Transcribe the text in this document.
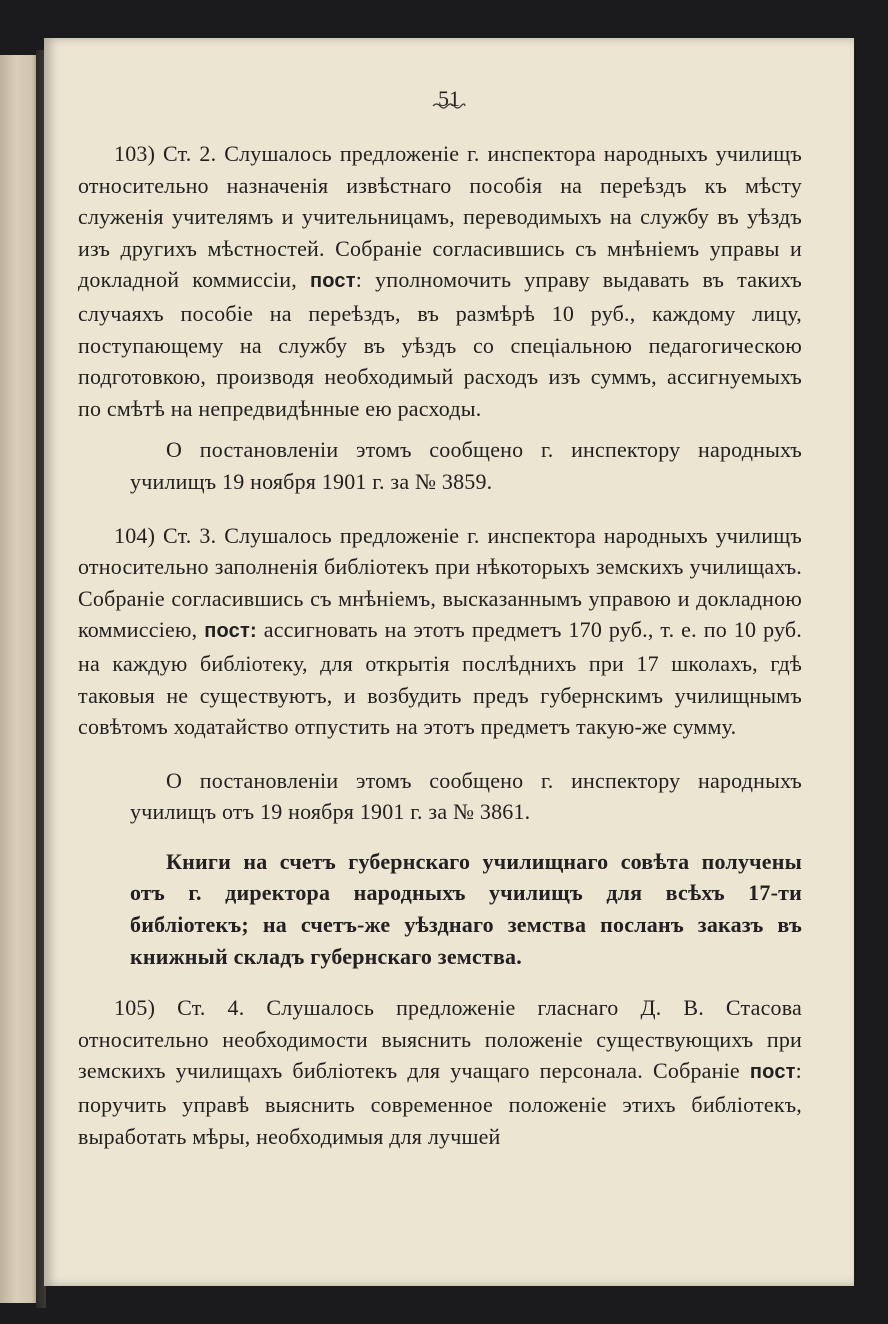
51

103) Ст. 2. Слушалось предложеніе г. инспектора народныхъ училищъ относительно назначенія извѣстнаго пособія на переѣздъ къ мѣсту служенія учителямъ и учительницамъ, переводимыхъ на службу въ уѣздъ изъ другихъ мѣстностей. Собраніе согласившись съ мнѣніемъ управы и докладной коммиссіи, пост: уполномочить управу выдавать въ такихъ случаяхъ пособіе на переѣздъ, въ размѣрѣ 10 руб., каждому лицу, поступающему на службу въ уѣздъ со спеціальною педагогическою подготовкою, производя необходимый расходъ изъ суммъ, ассигнуемыхъ по смѣтѣ на непредвидѣнные ею расходы.

О постановленіи этомъ сообщено г. инспектору народныхъ училищъ 19 ноября 1901 г. за № 3859.

104) Ст. 3. Слушалось предложеніе г. инспектора народныхъ училищъ относительно заполненія библіотекъ при нѣкоторыхъ земскихъ училищахъ. Собраніе согласившись съ мнѣніемъ, высказаннымъ управою и докладною коммиссіею, пост: ассигновать на этотъ предметъ 170 руб., т. е. по 10 руб. на каждую библіотеку, для открытія послѣднихъ при 17 школахъ, гдѣ таковыя не существуютъ, и возбудить предъ губернскимъ училищнымъ совѣтомъ ходатайство отпустить на этотъ предметъ такую-же сумму.

О постановленіи этомъ сообщено г. инспектору народныхъ училищъ отъ 19 ноября 1901 г. за № 3861.

Книги на счетъ губернскаго училищнаго совѣта получены отъ г. директора народныхъ училищъ для всѣхъ 17-ти библіотекъ; на счетъ-же уѣзднаго земства посланъ заказъ въ книжный складъ губернскаго земства.

105) Ст. 4. Слушалось предложеніе гласнаго Д. В. Стасова относительно необходимости выяснить положеніе существующихъ при земскихъ училищахъ библіотекъ для учащаго персонала. Собраніе пост: поручить управѣ выяснить современное положеніе этихъ библіотекъ, выработать мѣры, необходимыя для лучшей
